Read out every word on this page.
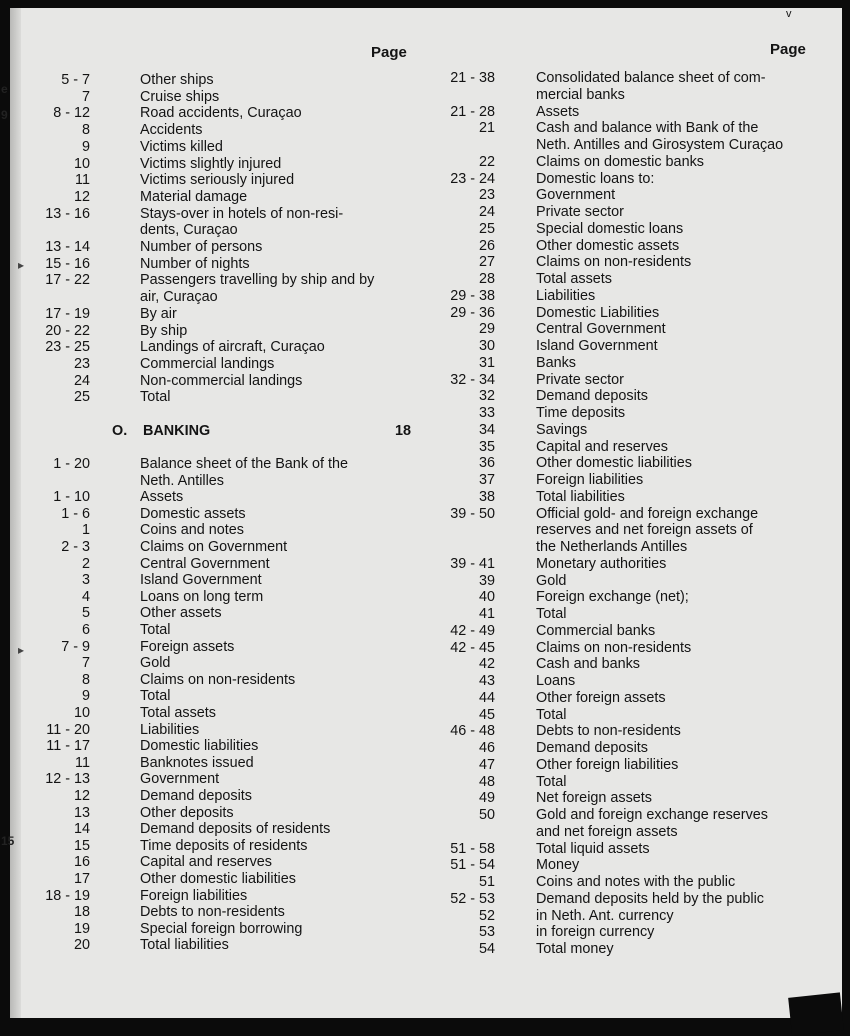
v
Page	Page
e
9
15
▸
▸
5 - 7	Other ships
7	Cruise ships
8 - 12	Road accidents, Curaçao
8	Accidents
9	Victims killed
10	Victims slightly injured
11	Victims seriously injured
12	Material damage
13 - 16	Stays-over in hotels of non-resi-
dents, Curaçao
13 - 14	Number of persons
15 - 16	Number of nights
17 - 22	Passengers travelling by ship and by
air, Curaçao
17 - 19	By air
20 - 22	By ship
23 - 25	Landings of aircraft, Curaçao
23	Commercial landings
24	Non-commercial landings
25	Total
O. BANKING	18
1 - 20	Balance sheet of the Bank of the
Neth. Antilles
1 - 10	Assets
1 - 6	Domestic assets
1	Coins and notes
2 - 3	Claims on Government
2	Central Government
3	Island Government
4	Loans on long term
5	Other assets
6	Total
7 - 9	Foreign assets
7	Gold
8	Claims on non-residents
9	Total
10	Total assets
11 - 20	Liabilities
11 - 17	Domestic liabilities
11	Banknotes issued
12 - 13	Government
12	Demand deposits
13	Other deposits
14	Demand deposits of residents
15	Time deposits of residents
16	Capital and reserves
17	Other domestic liabilities
18 - 19	Foreign liabilities
18	Debts to non-residents
19	Special foreign borrowing
20	Total liabilities
21 - 38	Consolidated balance sheet of com-
mercial banks
21 - 28	Assets
21	Cash and balance with Bank of the
Neth. Antilles and Girosystem Curaçao
22	Claims on domestic banks
23 - 24	Domestic loans to:
23	Government
24	Private sector
25	Special domestic loans
26	Other domestic assets
27	Claims on non-residents
28	Total assets
29 - 38	Liabilities
29 - 36	Domestic Liabilities
29	Central Government
30	Island Government
31	Banks
32 - 34	Private sector
32	Demand deposits
33	Time deposits
34	Savings
35	Capital and reserves
36	Other domestic liabilities
37	Foreign liabilities
38	Total liabilities
39 - 50	Official gold- and foreign exchange
reserves and net foreign assets of
the Netherlands Antilles
39 - 41	Monetary authorities
39	Gold
40	Foreign exchange (net);
41	Total
42 - 49	Commercial banks
42 - 45	Claims on non-residents
42	Cash and banks
43	Loans
44	Other foreign assets
45	Total
46 - 48	Debts to non-residents
46	Demand deposits
47	Other foreign liabilities
48	Total
49	Net foreign assets
50	Gold and foreign exchange reserves
and net foreign assets
51 - 58	Total liquid assets
51 - 54	Money
51	Coins and notes with the public
52 - 53	Demand deposits held by the public
52	in Neth. Ant. currency
53	in foreign currency
54	Total money
